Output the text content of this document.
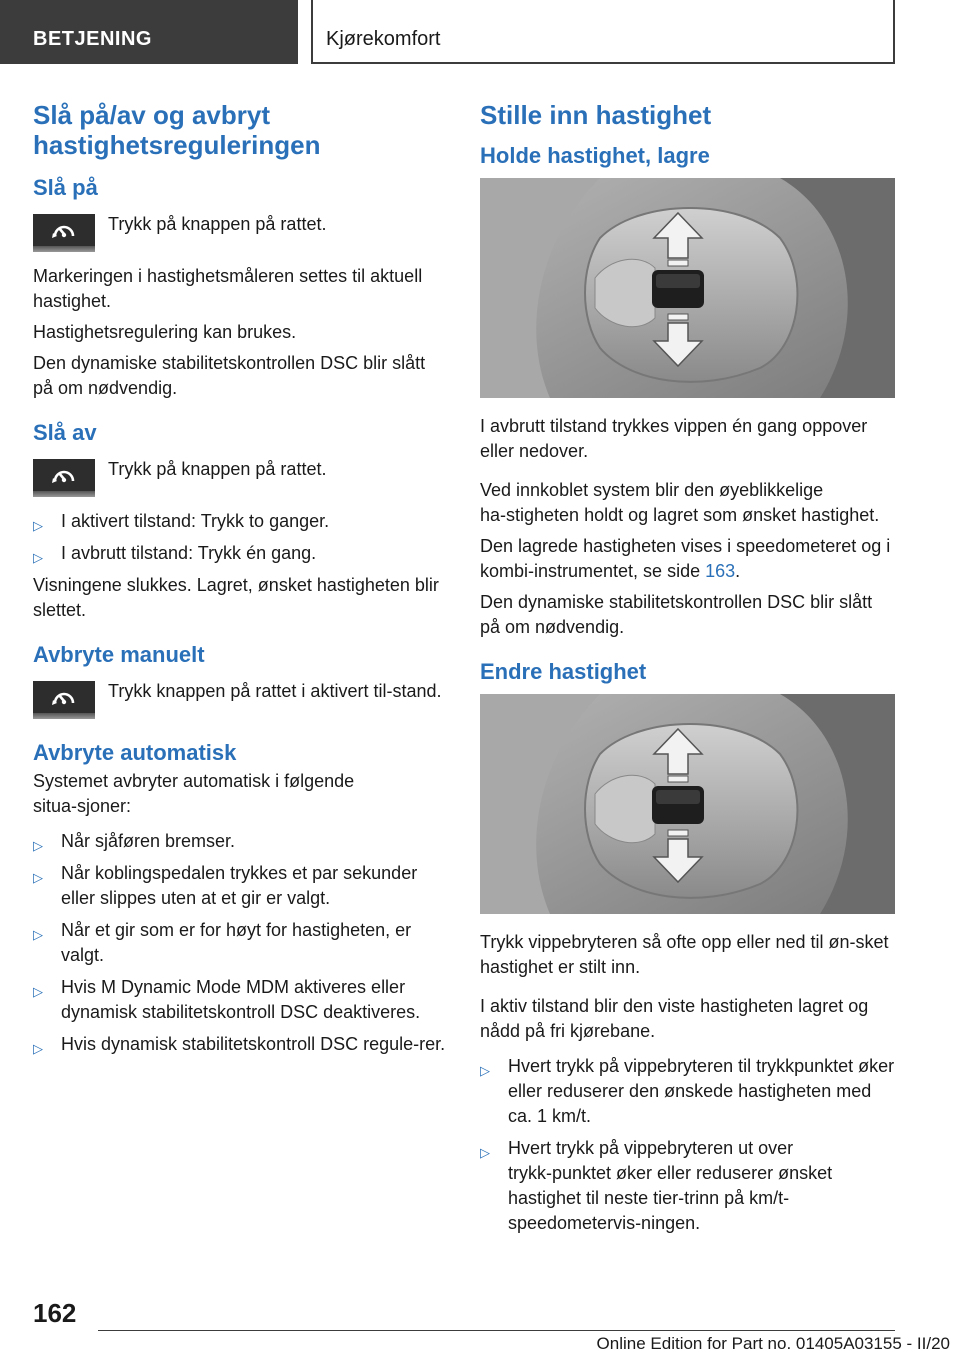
BETJENING	Kjørekomfort
Slå på/av og avbryt hastighetsreguleringen
Slå på
Trykk på knappen på rattet.

Markeringen i hastighetsmåleren settes til aktuell hastighet.

Hastighetsregulering kan brukes.

Den dynamiske stabilitetskontrollen DSC blir slått på om nødvendig.

Slå av
Trykk på knappen på rattet.
▷ I aktivert tilstand: Trykk to ganger.
▷ I avbrutt tilstand: Trykk én gang.

Visningene slukkes. Lagret, ønsket hastigheten blir slettet.

Avbryte manuelt
Trykk knappen på rattet i aktivert til‑stand.
Avbryte automatisk

Systemet avbryter automatisk i følgende situa‑sjoner:

▷ Når sjåføren bremser.
▷ Når koblingspedalen trykkes et par sekunder eller slippes uten at et gir er valgt.
▷ Når et gir som er for høyt for hastigheten, er valgt.
▷ Hvis M Dynamic Mode MDM aktiveres eller dynamisk stabilitetskontroll DSC deaktiveres.
▷ Hvis dynamisk stabilitetskontroll DSC regule‑rer.
Stille inn hastighet
Holde hastighet, lagre

I avbrutt tilstand trykkes vippen én gang oppover eller nedover.

Ved innkoblet system blir den øyeblikkelige ha‑stigheten holdt og lagret som ønsket hastighet.

Den lagrede hastigheten vises i speedometeret og i kombi-instrumentet, se side 163.

Den dynamiske stabilitetskontrollen DSC blir slått på om nødvendig.

Endre hastighet

Trykk vippebryteren så ofte opp eller ned til øn‑sket hastighet er stilt inn.

I aktiv tilstand blir den viste hastigheten lagret og nådd på fri kjørebane.

▷ Hvert trykk på vippebryteren til trykkpunktet øker eller reduserer den ønskede hastigheten med ca. 1 km/t.
▷ Hvert trykk på vippebryteren ut over trykk‑punktet øker eller reduserer ønsket hastighet til neste tier-trinn på km/t-speedometervis‑ningen.
162
Online Edition for Part no. 01405A03155 - II/20
